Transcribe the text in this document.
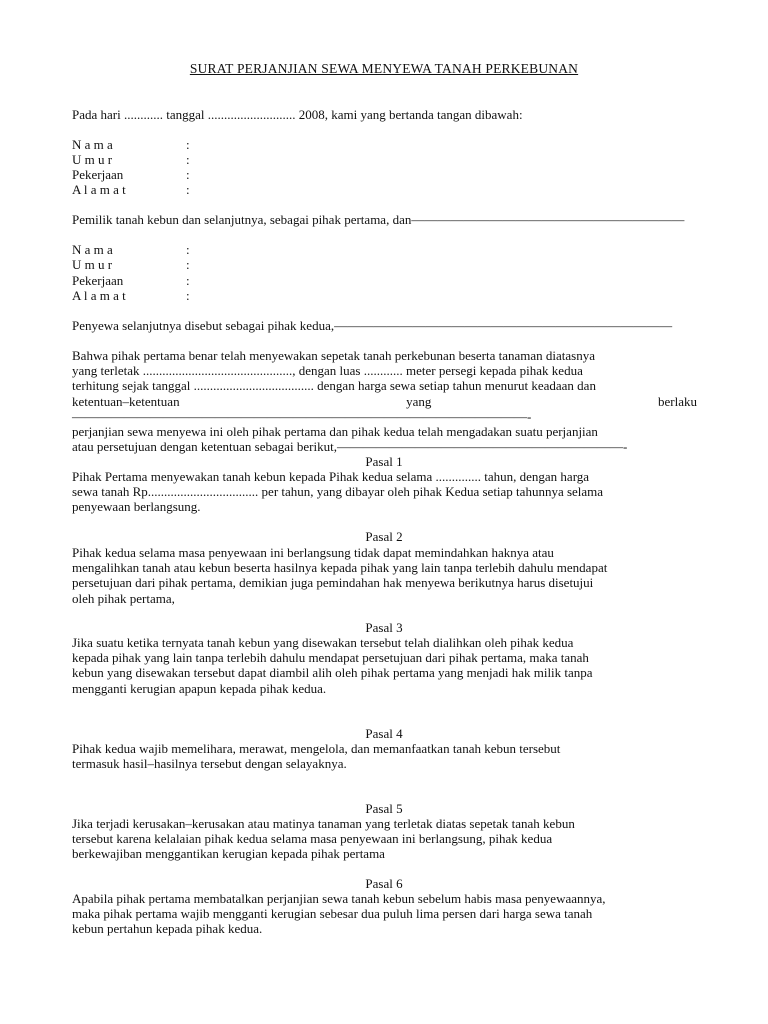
SURAT PERJANJIAN SEWA MENYEWA TANAH PERKEBUNAN
Pada hari ............ tanggal ........................... 2008, kami yang bertanda tangan dibawah:
N a m a	:
U m u r	:
Pekerjaan	:
A l a m a t	:
Pemilik tanah kebun dan selanjutnya, sebagai pihak pertama, dan—————————————————————
N a m a	:
U m u r	:
Pekerjaan	:
A l a m a t	:
Penyewa selanjutnya disebut sebagai pihak kedua,——————————————————————————
Bahwa pihak pertama benar telah menyewakan sepetak tanah perkebunan beserta tanaman diatasnya
yang terletak .............................................., dengan luas ............ meter persegi kepada pihak kedua
terhitung sejak tanggal ..................................... dengan harga sewa setiap tahun menurut keadaan dan
ketentuan–ketentuan yang berlaku———————————————————————————————————-
perjanjian sewa menyewa ini oleh pihak pertama dan pihak kedua telah mengadakan suatu perjanjian
atau persetujuan dengan ketentuan sebagai berikut,——————————————————————-
Pasal 1
Pihak Pertama menyewakan tanah kebun kepada Pihak kedua selama .............. tahun, dengan harga
sewa tanah Rp.................................. per tahun, yang dibayar oleh pihak Kedua setiap tahunnya selama
penyewaan berlangsung.
Pasal 2
Pihak kedua selama masa penyewaan ini berlangsung tidak dapat memindahkan haknya atau
mengalihkan tanah atau kebun beserta hasilnya kepada pihak yang lain tanpa terlebih dahulu mendapat
persetujuan dari pihak pertama, demikian juga pemindahan hak menyewa berikutnya harus disetujui
oleh pihak pertama,
Pasal 3
Jika suatu ketika ternyata tanah kebun yang disewakan tersebut telah dialihkan oleh pihak kedua
kepada pihak yang lain tanpa terlebih dahulu mendapat persetujuan dari pihak pertama, maka tanah
kebun yang disewakan tersebut dapat diambil alih oleh pihak pertama yang menjadi hak milik tanpa
mengganti kerugian apapun kepada pihak kedua.
Pasal 4
Pihak kedua wajib memelihara, merawat, mengelola, dan memanfaatkan tanah kebun tersebut
termasuk hasil–hasilnya tersebut dengan selayaknya.
Pasal 5
Jika terjadi kerusakan–kerusakan atau matinya tanaman yang terletak diatas sepetak tanah kebun
tersebut karena kelalaian pihak kedua selama masa penyewaan ini berlangsung, pihak kedua
berkewajiban menggantikan kerugian kepada pihak pertama
Pasal 6
Apabila pihak pertama membatalkan perjanjian sewa tanah kebun sebelum habis masa penyewaannya,
maka pihak pertama wajib mengganti kerugian sebesar dua puluh lima persen dari harga sewa tanah
kebun pertahun kepada pihak kedua.
